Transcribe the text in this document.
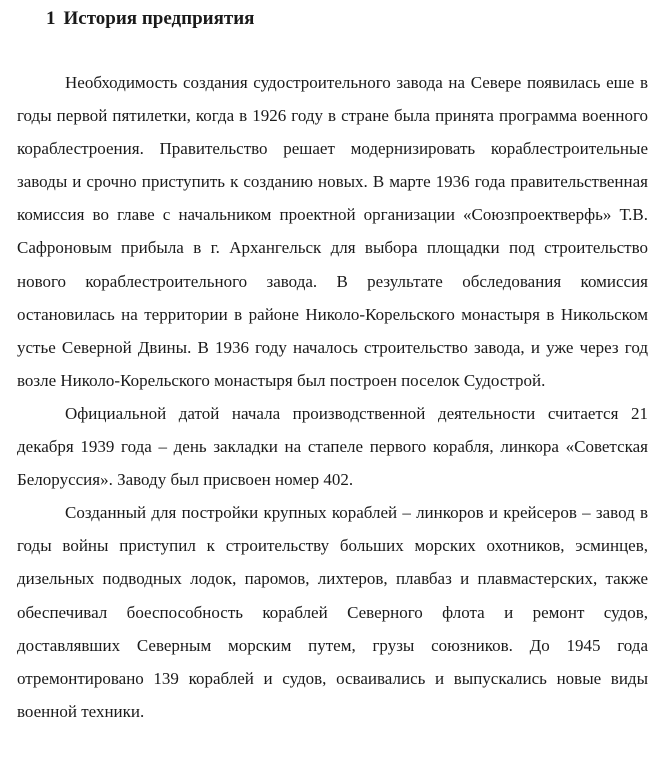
1 История предприятия

Необходимость создания судостроительного завода на Севере появилась еше в годы первой пятилетки, когда в 1926 году в стране была принята программа военного кораблестроения. Правительство решает модернизировать кораблестроительные заводы и срочно приступить к созданию новых. В марте 1936 года правительственная комиссия во главе с начальником проектной организации «Союзпроектверфь» Т.В. Сафроновым прибыла в г. Архангельск для выбора площадки под строительство нового кораблестроительного завода. В результате обследования комиссия остановилась на территории в районе Николо-Корельского монастыря в Никольском устье Северной Двины. В 1936 году началось строительство завода, и уже через год возле Николо-Корельского монастыря был построен поселок Судострой.

Официальной датой начала производственной деятельности считается 21 декабря 1939 года – день закладки на стапеле первого корабля, линкора «Советская Белоруссия». Заводу был присвоен номер 402.

Созданный для постройки крупных кораблей – линкоров и крейсеров – завод в годы войны приступил к строительству больших морских охотников, эсминцев, дизельных подводных лодок, паромов, лихтеров, плавбаз и плавмастерских, также обеспечивал боеспособность кораблей Северного флота и ремонт судов, доставлявших Северным морским путем, грузы союзников. До 1945 года отремонтировано 139 кораблей и судов, осваивались и выпускались новые виды военной техники.
